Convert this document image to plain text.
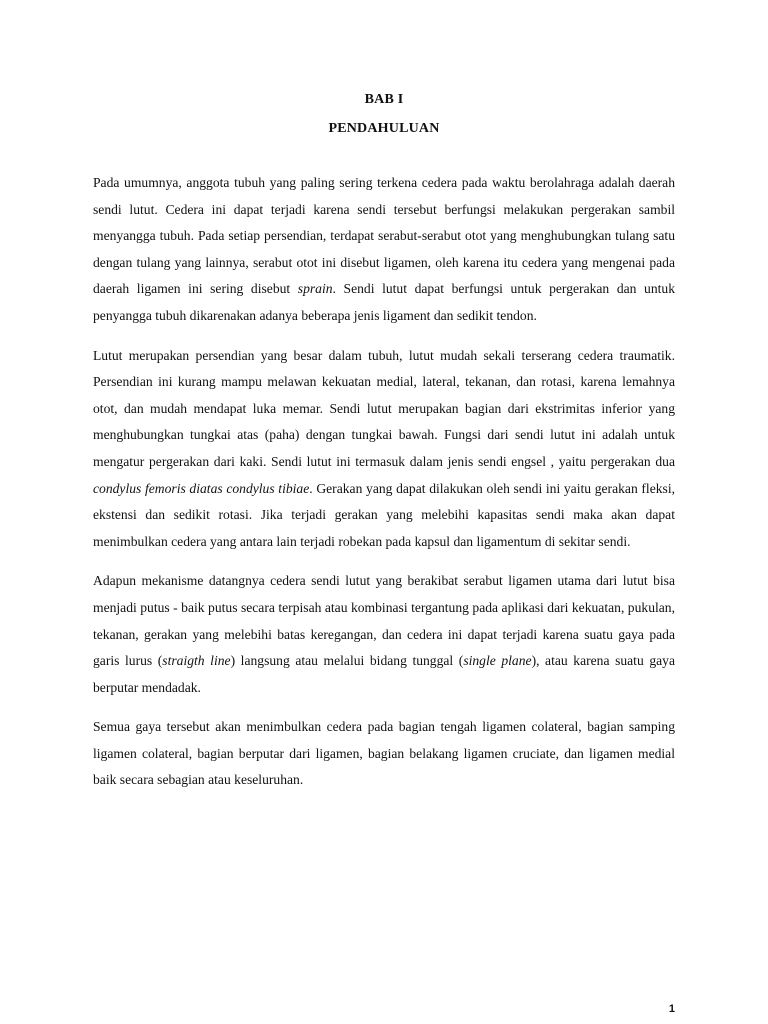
BAB I
PENDAHULUAN

Pada umumnya, anggota tubuh yang paling sering terkena cedera pada waktu berolahraga adalah daerah sendi lutut. Cedera ini dapat terjadi karena sendi tersebut berfungsi melakukan pergerakan sambil menyangga tubuh. Pada setiap persendian, terdapat serabut-serabut otot yang menghubungkan tulang satu dengan tulang yang lainnya, serabut otot ini disebut ligamen, oleh karena itu cedera yang mengenai pada daerah ligamen ini sering disebut sprain. Sendi lutut dapat berfungsi untuk pergerakan dan untuk penyangga tubuh dikarenakan adanya beberapa jenis ligament dan sedikit tendon.

Lutut merupakan persendian yang besar dalam tubuh, lutut mudah sekali terserang cedera traumatik. Persendian ini kurang mampu melawan kekuatan medial, lateral, tekanan, dan rotasi, karena lemahnya otot, dan mudah mendapat luka memar. Sendi lutut merupakan bagian dari ekstrimitas inferior yang menghubungkan tungkai atas (paha) dengan tungkai bawah. Fungsi dari sendi lutut ini adalah untuk mengatur pergerakan dari kaki. Sendi lutut ini termasuk dalam jenis sendi engsel , yaitu pergerakan dua condylus femoris diatas condylus tibiae. Gerakan yang dapat dilakukan oleh sendi ini yaitu gerakan fleksi, ekstensi dan sedikit rotasi. Jika terjadi gerakan yang melebihi kapasitas sendi maka akan dapat menimbulkan cedera yang antara lain terjadi robekan pada kapsul dan ligamentum di sekitar sendi.

Adapun mekanisme datangnya cedera sendi lutut yang berakibat serabut ligamen utama dari lutut bisa menjadi putus - baik putus secara terpisah atau kombinasi tergantung pada aplikasi dari kekuatan, pukulan, tekanan, gerakan yang melebihi batas keregangan, dan cedera ini dapat terjadi karena suatu gaya pada garis lurus (straigth line) langsung atau melalui bidang tunggal (single plane), atau karena suatu gaya berputar mendadak.

Semua gaya tersebut akan menimbulkan cedera pada bagian tengah ligamen colateral, bagian samping ligamen colateral, bagian berputar dari ligamen, bagian belakang ligamen cruciate, dan ligamen medial baik secara sebagian atau keseluruhan.

1
